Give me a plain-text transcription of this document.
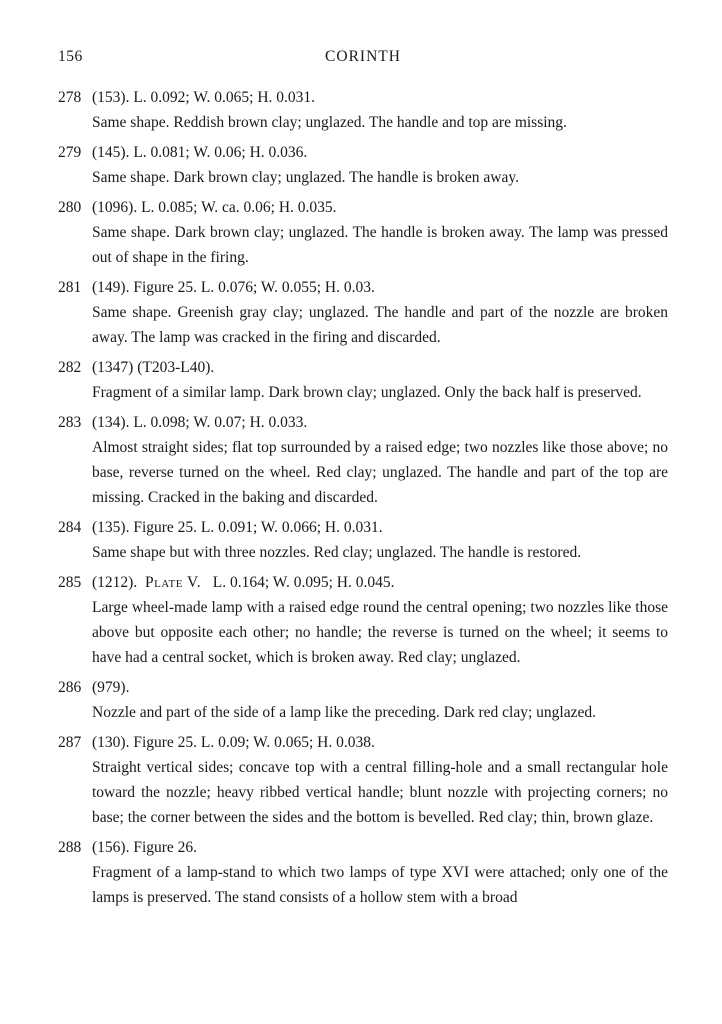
156	CORINTH
278 (153). L. 0.092; W. 0.065; H. 0.031.
Same shape. Reddish brown clay; unglazed. The handle and top are missing.
279 (145). L. 0.081; W. 0.06; H. 0.036.
Same shape. Dark brown clay; unglazed. The handle is broken away.
280 (1096). L. 0.085; W. ca. 0.06; H. 0.035.
Same shape. Dark brown clay; unglazed. The handle is broken away. The lamp was pressed out of shape in the firing.
281 (149). Figure 25. L. 0.076; W. 0.055; H. 0.03.
Same shape. Greenish gray clay; unglazed. The handle and part of the nozzle are broken away. The lamp was cracked in the firing and discarded.
282 (1347) (T203-L40).
Fragment of a similar lamp. Dark brown clay; unglazed. Only the back half is preserved.
283 (134). L. 0.098; W. 0.07; H. 0.033.
Almost straight sides; flat top surrounded by a raised edge; two nozzles like those above; no base, reverse turned on the wheel. Red clay; unglazed. The handle and part of the top are missing. Cracked in the baking and discarded.
284 (135). Figure 25. L. 0.091; W. 0.066; H. 0.031.
Same shape but with three nozzles. Red clay; unglazed. The handle is restored.
285 (1212). Plate V. L. 0.164; W. 0.095; H. 0.045.
Large wheel-made lamp with a raised edge round the central opening; two nozzles like those above but opposite each other; no handle; the reverse is turned on the wheel; it seems to have had a central socket, which is broken away. Red clay; unglazed.
286 (979).
Nozzle and part of the side of a lamp like the preceding. Dark red clay; unglazed.
287 (130). Figure 25. L. 0.09; W. 0.065; H. 0.038.
Straight vertical sides; concave top with a central filling-hole and a small rectangular hole toward the nozzle; heavy ribbed vertical handle; blunt nozzle with projecting corners; no base; the corner between the sides and the bottom is bevelled. Red clay; thin, brown glaze.
288 (156). Figure 26.
Fragment of a lamp-stand to which two lamps of type XVI were attached; only one of the lamps is preserved. The stand consists of a hollow stem with a broad
